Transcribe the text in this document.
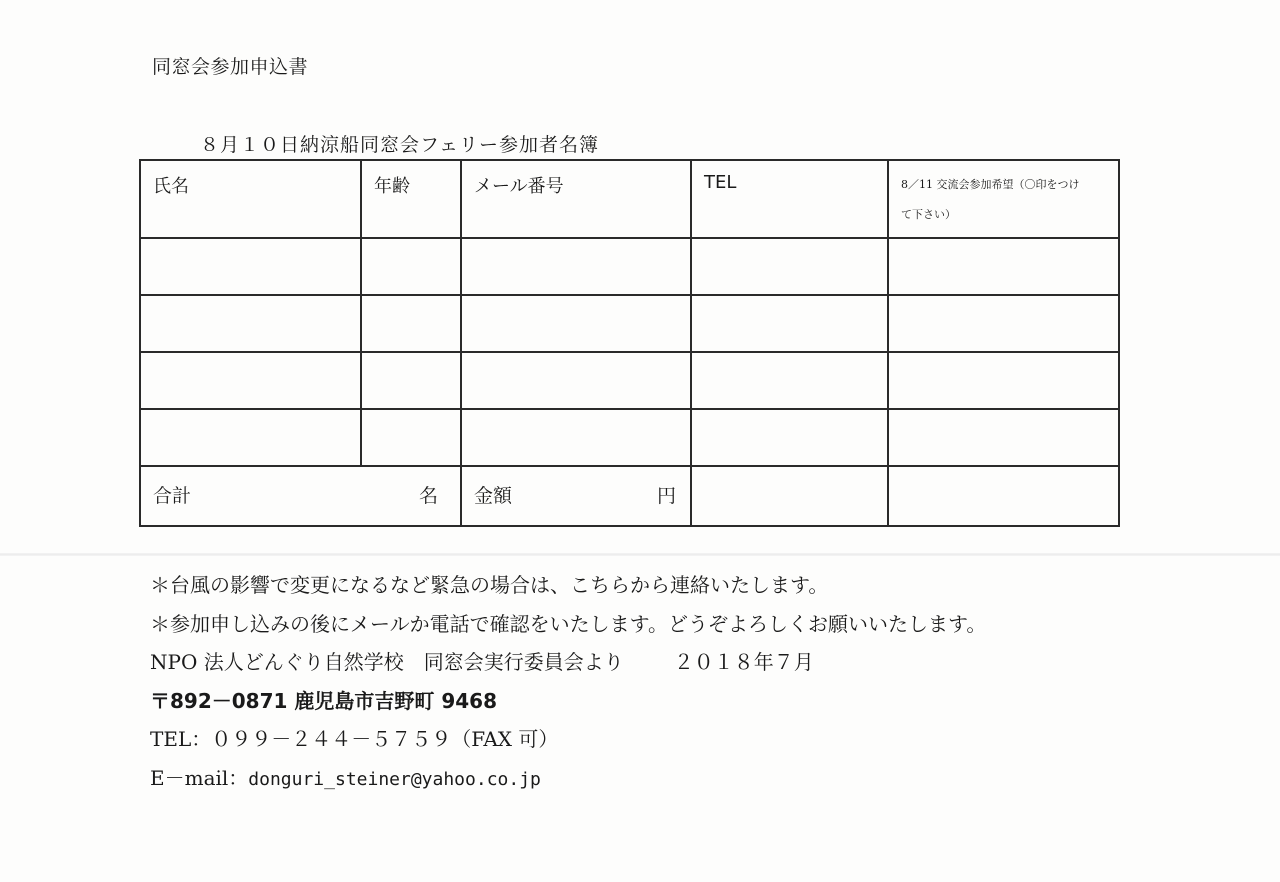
同窓会参加申込書
８月１０日納涼船同窓会フェリー参加者名簿
氏名	年齢	メール番号	TEL	8／11 交流会参加希望（〇印をつけ
て下さい）

合計 名		金額 円		

＊台風の影響で変更になるなど緊急の場合は、こちらから連絡いたします。
＊参加申し込みの後にメールか電話で確認をいたします。どうぞよろしくお願いいたします。
NPO 法人どんぐり自然学校　同窓会実行委員会より	２０１８年７月
〒892－0871 鹿児島市吉野町 9468
TEL：０９９－２４４－５７５９（FAX 可）
E－mail：donguri_steiner@yahoo.co.jp
